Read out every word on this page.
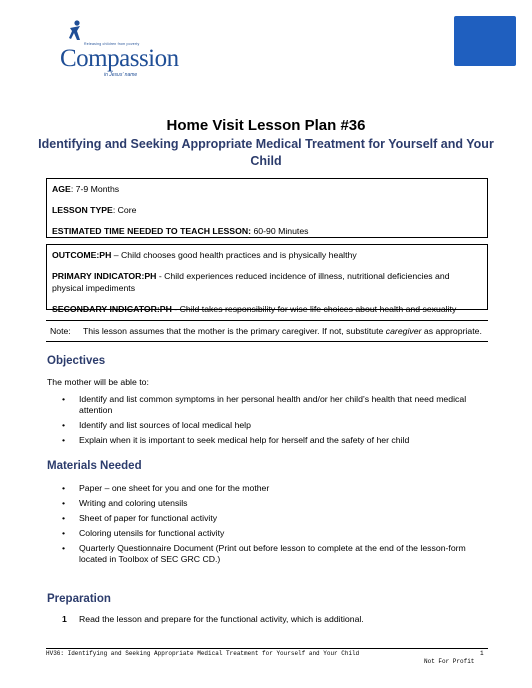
Releasing children from poverty
Compassion
in Jesus' name
Home Visit Lesson Plan #36
Identifying and Seeking Appropriate Medical Treatment for Yourself and Your Child

AGE: 7-9 Months

LESSON TYPE: Core

ESTIMATED TIME NEEDED TO TEACH LESSON: 60-90 Minutes

OUTCOME:PH – Child chooses good health practices and is physically healthy

PRIMARY INDICATOR:PH - Child experiences reduced incidence of illness, nutritional deficiencies and physical impediments

SECONDARY INDICATOR:PH - Child takes responsibility for wise life choices about health and sexuality

Note: This lesson assumes that the mother is the primary caregiver. If not, substitute caregiver as appropriate.
Objectives
The mother will be able to:
• Identify and list common symptoms in her personal health and/or her child’s health that need medical attention
• Identify and list sources of local medical help
• Explain when it is important to seek medical help for herself and the safety of her child
Materials Needed
• Paper – one sheet for you and one for the mother
• Writing and coloring utensils
• Sheet of paper for functional activity
• Coloring utensils for functional activity
• Quarterly Questionnaire Document (Print out before lesson to complete at the end of the lesson-form located in Toolbox of SEC GRC CD.)
Preparation
1 Read the lesson and prepare for the functional activity, which is additional.
HV36: Identifying and Seeking Appropriate Medical Treatment for Yourself and Your Child	1
Not For Profit
